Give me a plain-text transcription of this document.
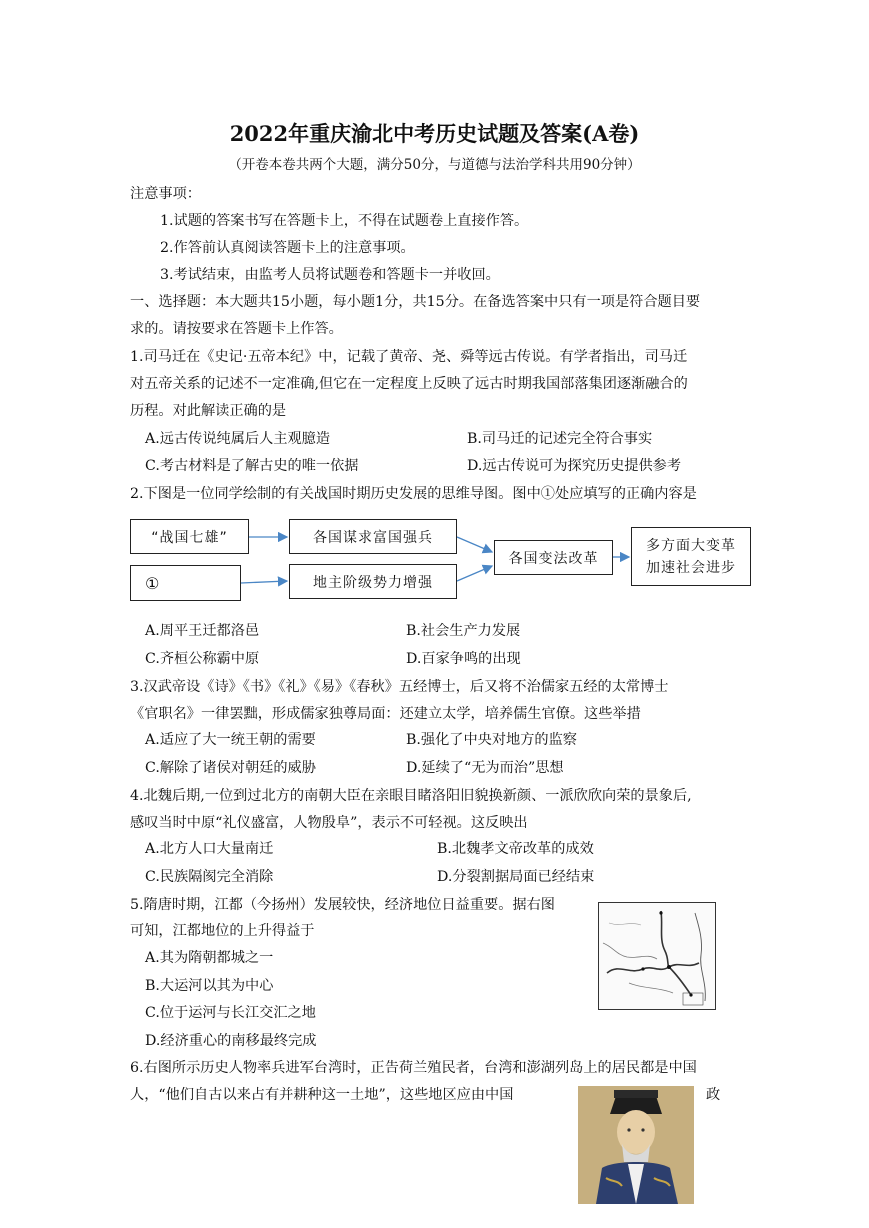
2022年重庆渝北中考历史试题及答案(A卷)
（开卷本卷共两个大题，满分50分，与道德与法治学科共用90分钟）
注意事项：
1.试题的答案书写在答题卡上，不得在试题卷上直接作答。
2.作答前认真阅读答题卡上的注意事项。
3.考试结束，由监考人员将试题卷和答题卡一并收回。
一、选择题：本大题共15小题，每小题1分，共15分。在备选答案中只有一项是符合题目要
求的。请按要求在答题卡上作答。
1.司马迁在《史记·五帝本纪》中，记载了黄帝、尧、舜等远古传说。有学者指出，司马迁
对五帝关系的记述不一定准确,但它在一定程度上反映了远古时期我国部落集团逐渐融合的
历程。对此解读正确的是
A.远古传说纯属后人主观臆造	B.司马迁的记述完全符合事实
C.考古材料是了解古史的唯一依据	D.远古传说可为探究历史提供参考
2.下图是一位同学绘制的有关战国时期历史发展的思维导图。图中①处应填写的正确内容是
“战国七雄”
①
各国谋求富国强兵
地主阶级势力增强
各国变法改革
多方面大变革
加速社会进步
A.周平王迁都洛邑	B.社会生产力发展
C.齐桓公称霸中原	D.百家争鸣的出现
3.汉武帝设《诗》《书》《礼》《易》《春秋》五经博士，后又将不治儒家五经的太常博士
《官职名》一律罢黜，形成儒家独尊局面：还建立太学，培养儒生官僚。这些举措
A.适应了大一统王朝的需要	B.强化了中央对地方的监察
C.解除了诸侯对朝廷的威胁	D.延续了“无为而治”思想
4.北魏后期,一位到过北方的南朝大臣在亲眼目睹洛阳旧貌换新颜、一派欣欣向荣的景象后,
感叹当时中原“礼仪盛富，人物殷阜”，表示不可轻视。这反映出
A.北方人口大量南迁	B.北魏孝文帝改革的成效
C.民族隔阂完全消除	D.分裂割据局面已经结束
5.隋唐时期，江都（今扬州）发展较快，经济地位日益重要。据右图
可知，江都地位的上升得益于
A.其为隋朝都城之一
B.大运河以其为中心
C.位于运河与长江交汇之地
D.经济重心的南移最终完成
6.右图所示历史人物率兵进军台湾时，正告荷兰殖民者，台湾和澎湖列岛上的居民都是中国
人，“他们自古以来占有并耕种这一土地”，这些地区应由中国	政
